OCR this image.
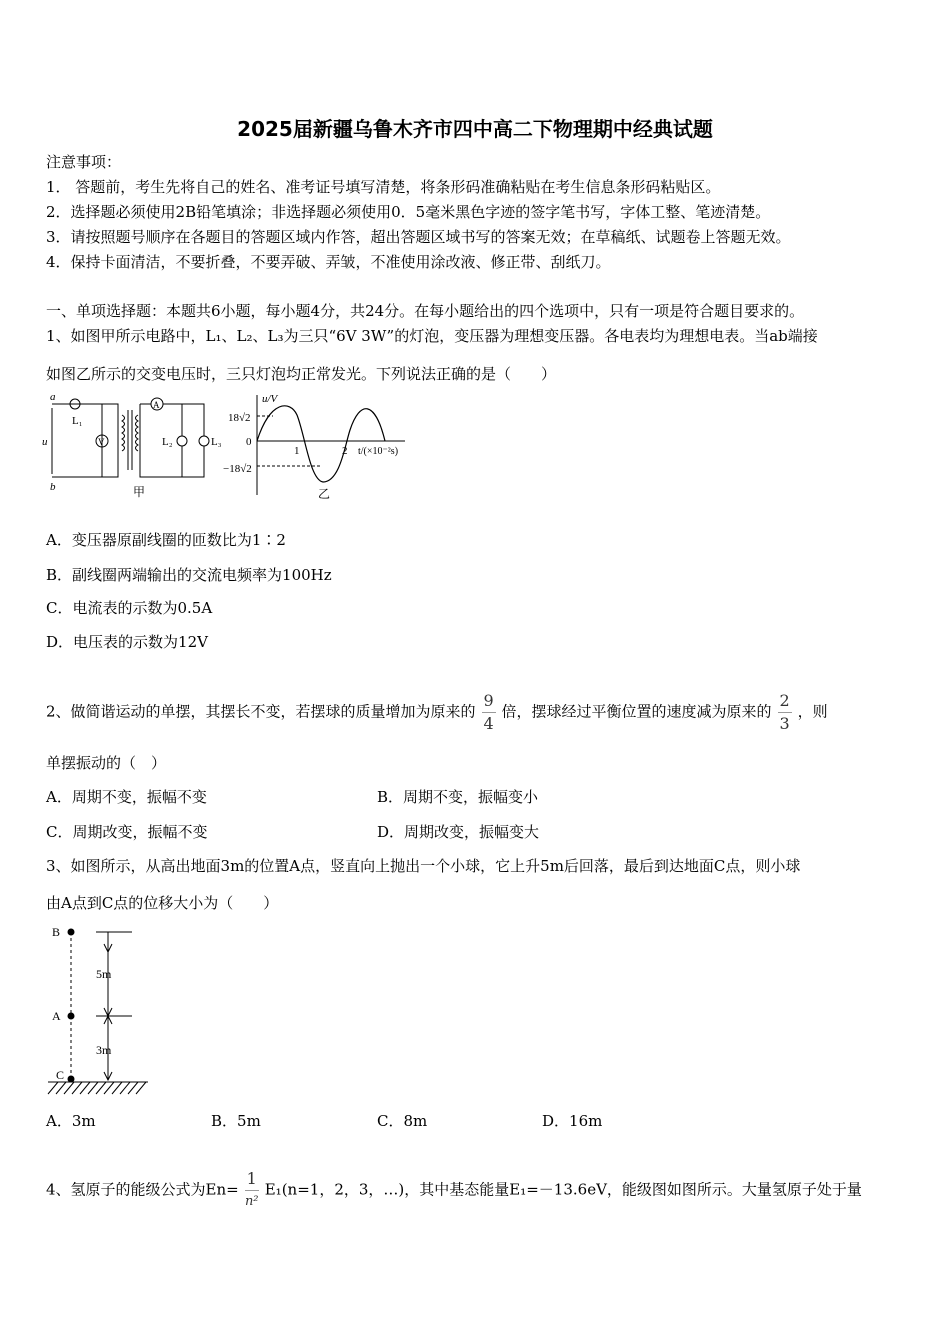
2025届新疆乌鲁木齐市四中高二下物理期中经典试题
注意事项：
1． 答题前，考生先将自己的姓名、准考证号填写清楚，将条形码准确粘贴在考生信息条形码粘贴区。
2．选择题必须使用2B铅笔填涂；非选择题必须使用0．5毫米黑色字迹的签字笔书写，字体工整、笔迹清楚。
3．请按照题号顺序在各题目的答题区域内作答，超出答题区域书写的答案无效；在草稿纸、试题卷上答题无效。
4．保持卡面清洁，不要折叠，不要弄破、弄皱，不准使用涂改液、修正带、刮纸刀。
一、单项选择题：本题共6小题，每小题4分，共24分。在每小题给出的四个选项中，只有一项是符合题目要求的。
1、如图甲所示电路中，L₁、L₂、L₃为三只“6V 3W”的灯泡，变压器为理想变压器。各电表均为理想电表。当ab端接
如图乙所示的交变电压时，三只灯泡均正常发光。下列说法正确的是（　　）
a
b
u
L₁
V
A
L₂	L₃
甲	乙
u/V
18√2
0
−18√2
1	2 t/(×10⁻²s)
A．变压器原副线圈的匝数比为1∶2
B．副线圈两端输出的交流电频率为100Hz
C．电流表的示数为0.5A
D．电压表的示数为12V
2、做简谐运动的单摆，其摆长不变，若摆球的质量增加为原来的 $\frac{9}{4}$ 倍，摆球经过平衡位置的速度减为原来的 $\frac{2}{3}$ ，则
单摆振动的（　）
A．周期不变，振幅不变	B．周期不变，振幅变小
C．周期改变，振幅不变	D．周期改变，振幅变大
3、如图所示，从高出地面3m的位置A点，竖直向上抛出一个小球，它上升5m后回落，最后到达地面C点，则小球
由A点到C点的位移大小为（　　）
B
A
C
5m
3m
A．3m	B．5m	C．8m	D．16m
4、氢原子的能级公式为$En= \frac{1}{\text{n²}} E_1(n=1$，2，3，…)，其中基态能量E₁=－13.6eV，能级图如图所示。大量氢原子处于量
